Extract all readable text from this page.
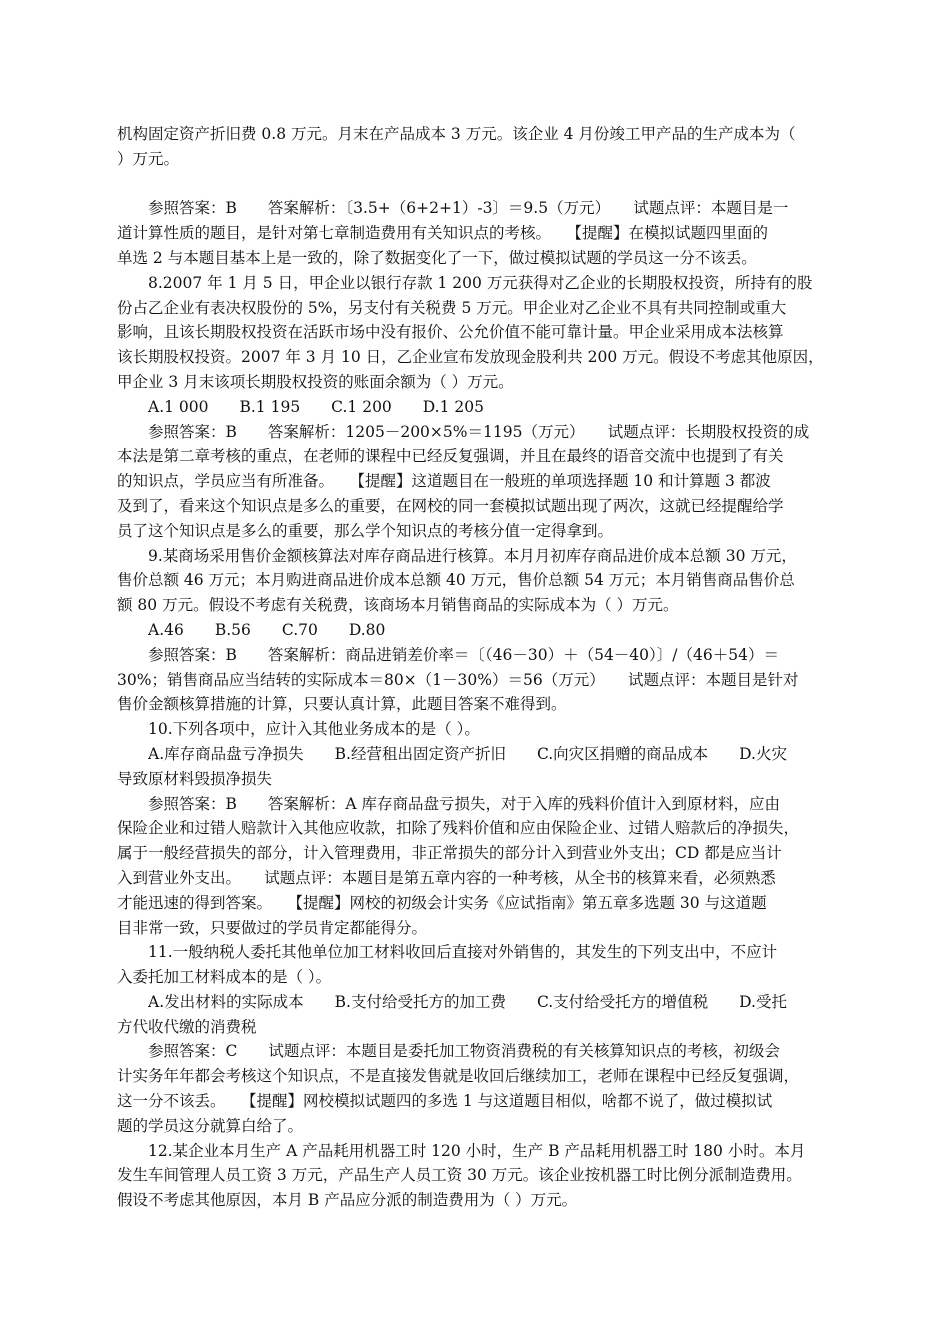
机构固定资产折旧费 0.8 万元。月末在产品成本 3 万元。该企业 4 月份竣工甲产品的生产成本为（
）万元。
参照答案：B　　答案解析：〔3.5+（6+2+1）-3〕＝9.5（万元）　　试题点评：本题目是一
道计算性质的题目，是针对第七章制造费用有关知识点的考核。　　【提醒】在模拟试题四里面的
单选 2 与本题目基本上是一致的，除了数据变化了一下，做过模拟试题的学员这一分不该丢。
8.2007 年 1 月 5 日，甲企业以银行存款 1 200 万元获得对乙企业的长期股权投资，所持有的股
份占乙企业有表决权股份的 5%，另支付有关税费 5 万元。甲企业对乙企业不具有共同控制或重大
影响，且该长期股权投资在活跃市场中没有报价、公允价值不能可靠计量。甲企业采用成本法核算
该长期股权投资。2007 年 3 月 10 日，乙企业宣布发放现金股利共 200 万元。假设不考虑其他原因，
甲企业 3 月末该项长期股权投资的账面余额为（ ）万元。
A.1 000　　B.1 195　　C.1 200　　D.1 205
参照答案：B　　答案解析：1205－200×5%＝1195（万元）　　试题点评：长期股权投资的成
本法是第二章考核的重点，在老师的课程中已经反复强调，并且在最终的语音交流中也提到了有关
的知识点，学员应当有所准备。　　【提醒】这道题目在一般班的单项选择题 10 和计算题 3 都波
及到了，看来这个知识点是多么的重要，在网校的同一套模拟试题出现了两次，这就已经提醒给学
员了这个知识点是多么的重要，那么学个知识点的考核分值一定得拿到。
9.某商场采用售价金额核算法对库存商品进行核算。本月月初库存商品进价成本总额 30 万元，
售价总额 46 万元；本月购进商品进价成本总额 40 万元，售价总额 54 万元；本月销售商品售价总
额 80 万元。假设不考虑有关税费，该商场本月销售商品的实际成本为（ ）万元。
A.46　　B.56　　C.70　　D.80
参照答案：B　　答案解析：商品进销差价率＝〔（46－30）＋（54－40）〕/（46＋54）＝
30%；销售商品应当结转的实际成本＝80×（1－30%）＝56（万元）　　试题点评：本题目是针对
售价金额核算措施的计算，只要认真计算，此题目答案不难得到。
10.下列各项中，应计入其他业务成本的是（ ）。
A.库存商品盘亏净损失　　B.经营租出固定资产折旧　　C.向灾区捐赠的商品成本　　D.火灾
导致原材料毁损净损失
参照答案：B　　答案解析：A 库存商品盘亏损失，对于入库的残料价值计入到原材料，应由
保险企业和过错人赔款计入其他应收款，扣除了残料价值和应由保险企业、过错人赔款后的净损失，
属于一般经营损失的部分，计入管理费用，非正常损失的部分计入到营业外支出；CD 都是应当计
入到营业外支出。　　试题点评：本题目是第五章内容的一种考核，从全书的核算来看，必须熟悉
才能迅速的得到答案。　　【提醒】网校的初级会计实务《应试指南》第五章多选题 30 与这道题
目非常一致，只要做过的学员肯定都能得分。
11.一般纳税人委托其他单位加工材料收回后直接对外销售的，其发生的下列支出中，不应计
入委托加工材料成本的是（ ）。
A.发出材料的实际成本　　B.支付给受托方的加工费　　C.支付给受托方的增值税　　D.受托
方代收代缴的消费税
参照答案：C　　试题点评：本题目是委托加工物资消费税的有关核算知识点的考核，初级会
计实务年年都会考核这个知识点，不是直接发售就是收回后继续加工，老师在课程中已经反复强调，
这一分不该丢。　　【提醒】网校模拟试题四的多选 1 与这道题目相似，啥都不说了，做过模拟试
题的学员这分就算白给了。
12.某企业本月生产 A 产品耗用机器工时 120 小时，生产 B 产品耗用机器工时 180 小时。本月
发生车间管理人员工资 3 万元，产品生产人员工资 30 万元。该企业按机器工时比例分派制造费用。
假设不考虑其他原因，本月 B 产品应分派的制造费用为（ ）万元。
